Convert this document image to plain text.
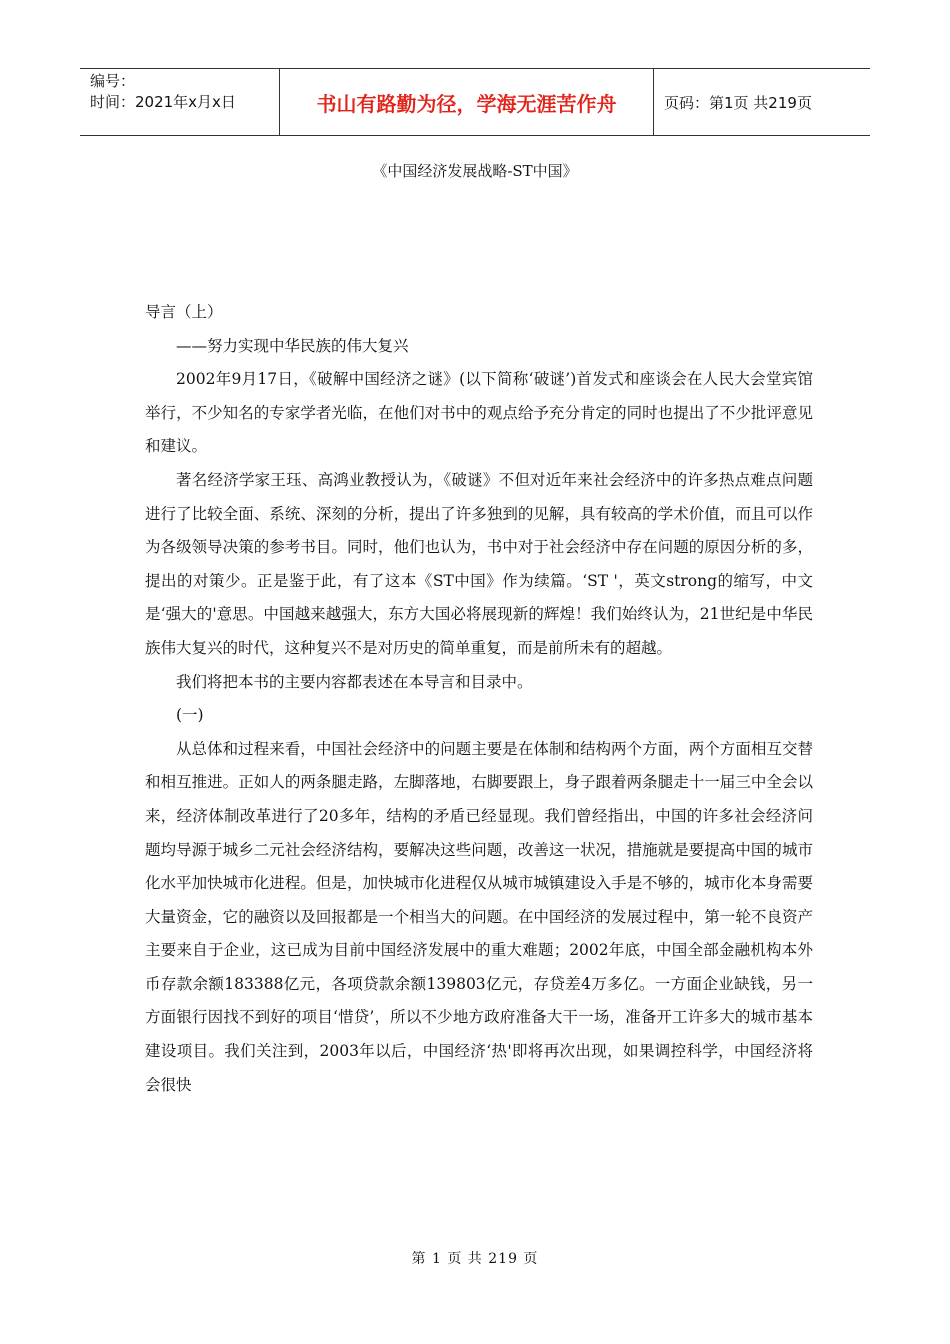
编号：
时间：2021年x月x日	书山有路勤为径，学海无涯苦作舟	页码：第1页 共219页
《中国经济发展战略-ST中国》

导言（上）

——努力实现中华民族的伟大复兴

2002年9月17日，《破解中国经济之谜》(以下简称‘破谜’)首发式和座谈会在人民大会堂宾馆举行，不少知名的专家学者光临，在他们对书中的观点给予充分肯定的同时也提出了不少批评意见和建议。

著名经济学家王珏、高鸿业教授认为，《破谜》不但对近年来社会经济中的许多热点难点问题进行了比较全面、系统、深刻的分析，提出了许多独到的见解，具有较高的学术价值，而且可以作为各级领导决策的参考书目。同时，他们也认为，书中对于社会经济中存在问题的原因分析的多，提出的对策少。正是鉴于此，有了这本《ST中国》作为续篇。‘ST '，英文strong的缩写，中文是‘强大的'意思。中国越来越强大，东方大国必将展现新的辉煌！我们始终认为，21世纪是中华民族伟大复兴的时代，这种复兴不是对历史的简单重复，而是前所未有的超越。

我们将把本书的主要内容都表述在本导言和目录中。

(一)

从总体和过程来看，中国社会经济中的问题主要是在体制和结构两个方面，两个方面相互交替和相互推进。正如人的两条腿走路，左脚落地，右脚要跟上，身子跟着两条腿走十一届三中全会以来，经济体制改革进行了20多年，结构的矛盾已经显现。我们曾经指出，中国的许多社会经济问题均导源于城乡二元社会经济结构，要解决这些问题，改善这一状况，措施就是要提高中国的城市化水平加快城市化进程。但是，加快城市化进程仅从城市城镇建设入手是不够的，城市化本身需要大量资金，它的融资以及回报都是一个相当大的问题。在中国经济的发展过程中，第一轮不良资产主要来自于企业，这已成为目前中国经济发展中的重大难题；2002年底，中国全部金融机构本外币存款余额183388亿元，各项贷款余额139803亿元，存贷差4万多亿。一方面企业缺钱，另一方面银行因找不到好的项目‘惜贷’，所以不少地方政府准备大干一场，准备开工许多大的城市基本建设项目。我们关注到，2003年以后，中国经济‘热'即将再次出现，如果调控科学，中国经济将会很快

第 1 页 共 219 页
